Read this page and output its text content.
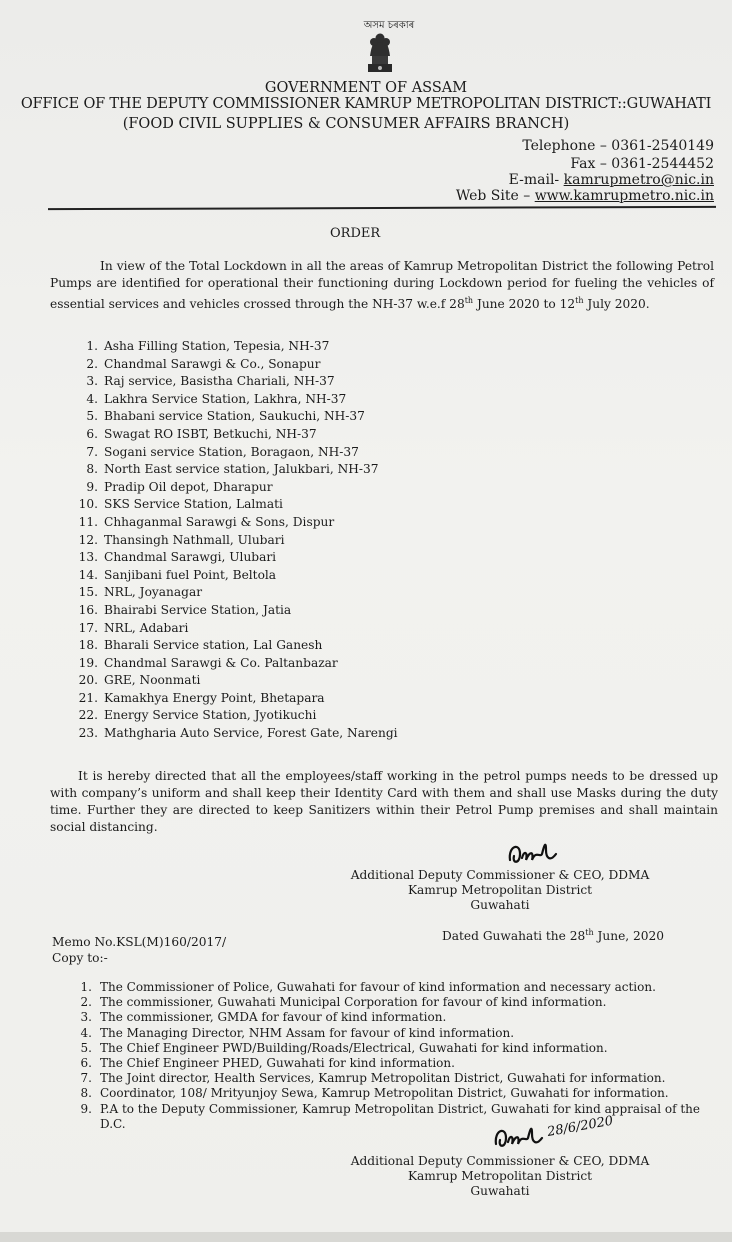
অসম চৰকাৰ
GOVERNMENT OF ASSAM
OFFICE OF THE DEPUTY COMMISSIONER KAMRUP METROPOLITAN DISTRICT::GUWAHATI
(FOOD CIVIL SUPPLIES & CONSUMER AFFAIRS BRANCH)
Telephone – 0361-2540149
Fax – 0361-2544452
E-mail- kamrupmetro@nic.in
Web Site – www.kamrupmetro.nic.in
ORDER
In view of the Total Lockdown in all the areas of Kamrup Metropolitan District the following Petrol Pumps are identified for operational their functioning during Lockdown period for fueling the vehicles of essential services and vehicles crossed through the NH-37 w.e.f 28th June 2020 to 12th July 2020.
1. Asha Filling Station, Tepesia, NH-37
2. Chandmal Sarawgi & Co., Sonapur
3. Raj service, Basistha Chariali, NH-37
4. Lakhra Service Station, Lakhra, NH-37
5. Bhabani service Station, Saukuchi, NH-37
6. Swagat RO ISBT, Betkuchi, NH-37
7. Sogani service Station, Boragaon, NH-37
8. North East service station, Jalukbari, NH-37
9. Pradip Oil depot, Dharapur
10. SKS Service Station, Lalmati
11. Chhaganmal Sarawgi & Sons, Dispur
12. Thansingh Nathmall, Ulubari
13. Chandmal Sarawgi, Ulubari
14. Sanjibani fuel Point, Beltola
15. NRL, Joyanagar
16. Bhairabi Service Station, Jatia
17. NRL, Adabari
18. Bharali Service station, Lal Ganesh
19. Chandmal Sarawgi & Co. Paltanbazar
20. GRE, Noonmati
21. Kamakhya Energy Point, Bhetapara
22. Energy Service Station, Jyotikuchi
23. Mathgharia Auto Service, Forest Gate, Narengi
It is hereby directed that all the employees/staff working in the petrol pumps needs to be dressed up with company’s uniform and shall keep their Identity Card with them and shall use Masks during the duty time. Further they are directed to keep Sanitizers within their Petrol Pump premises and shall maintain social distancing.
Additional Deputy Commissioner & CEO, DDMA
Kamrup Metropolitan District
Guwahati
Memo No.KSL(M)160/2017/
Copy to:-
Dated Guwahati the 28th June, 2020
1. The Commissioner of Police, Guwahati for favour of kind information and necessary action.
2. The commissioner, Guwahati Municipal Corporation for favour of kind information.
3. The commissioner, GMDA for favour of kind information.
4. The Managing Director, NHM Assam for favour of kind information.
5. The Chief Engineer PWD/Building/Roads/Electrical, Guwahati for kind information.
6. The Chief Engineer PHED, Guwahati for kind information.
7. The Joint director, Health Services, Kamrup Metropolitan District, Guwahati for information.
8. Coordinator, 108/ Mrityunjoy Sewa, Kamrup Metropolitan District, Guwahati for information.
9. P.A to the Deputy Commissioner, Kamrup Metropolitan District, Guwahati for kind appraisal of the D.C.	28/6/2020
Additional Deputy Commissioner & CEO, DDMA
Kamrup Metropolitan District
Guwahati
